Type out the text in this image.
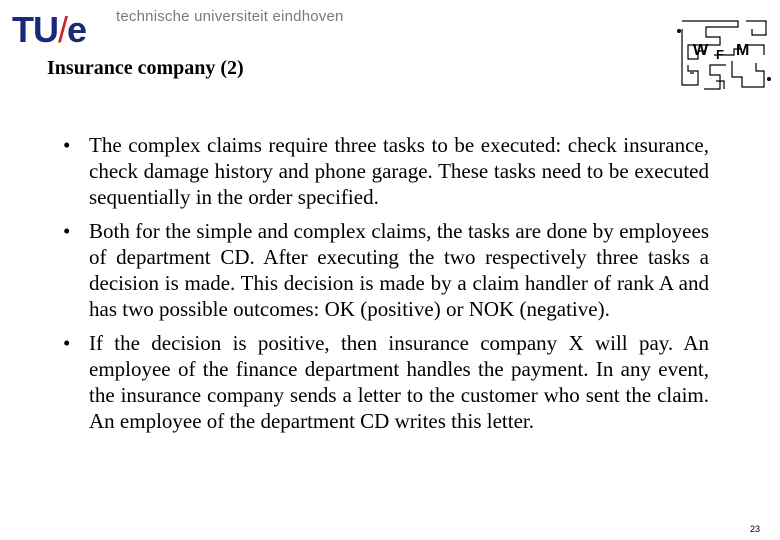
TU/e technische universiteit eindhoven
Insurance company (2)
W F M
• The complex claims require three tasks to be executed: check insurance, check damage history and phone garage. These tasks need to be executed sequentially in the order specified.
• Both for the simple and complex claims, the tasks are done by employees of department CD. After executing the two respectively three tasks a decision is made. This decision is made by a claim handler of rank A and has two possible outcomes: OK (positive) or NOK (negative).
• If the decision is positive, then insurance company X will pay. An employee of the finance department handles the payment. In any event, the insurance company sends a letter to the customer who sent the claim. An employee of the department CD writes this letter.
23
